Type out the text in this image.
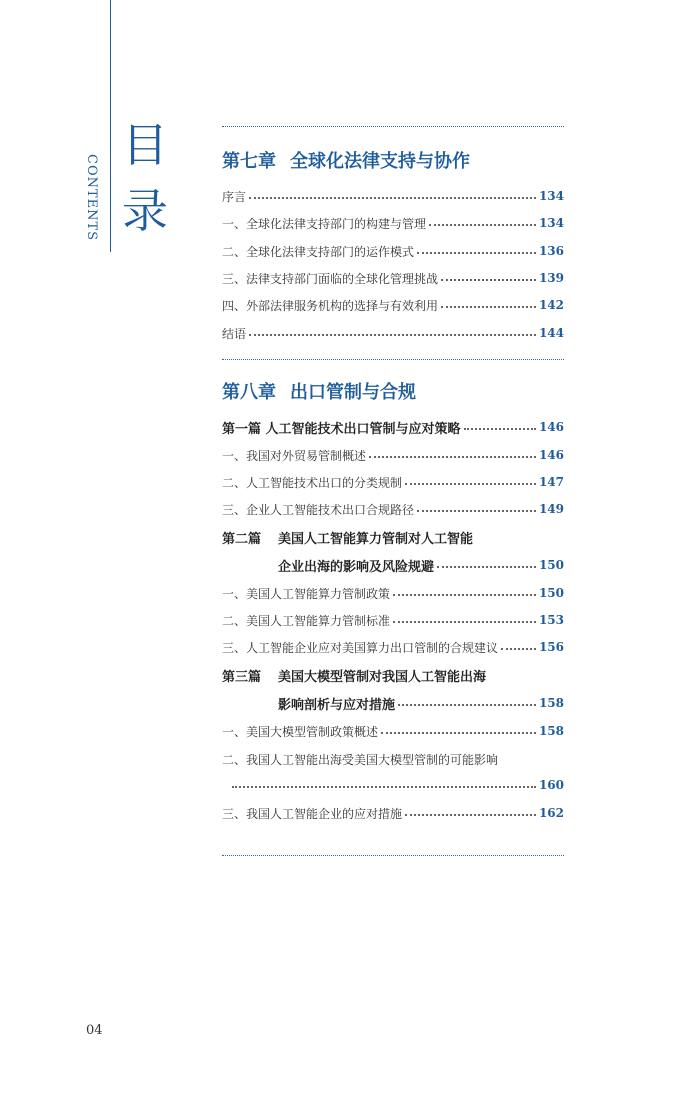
CONTENTS
目
录
第七章 全球化法律支持与协作
序言	134
一、全球化法律支持部门的构建与管理	134
二、全球化法律支持部门的运作模式	136
三、法律支持部门面临的全球化管理挑战	139
四、外部法律服务机构的选择与有效利用	142
结语	144
第八章 出口管制与合规
第一篇 人工智能技术出口管制与应对策略	146
一、我国对外贸易管制概述	146
二、人工智能技术出口的分类规制	147
三、企业人工智能技术出口合规路径	149
第二篇 美国人工智能算力管制对人工智能
企业出海的影响及风险规避	150
一、美国人工智能算力管制政策	150
二、美国人工智能算力管制标准	153
三、人工智能企业应对美国算力出口管制的合规建议	156
第三篇 美国大模型管制对我国人工智能出海
影响剖析与应对措施	158
一、美国大模型管制政策概述	158
二、我国人工智能出海受美国大模型管制的可能影响
160
三、我国人工智能企业的应对措施	162
04
